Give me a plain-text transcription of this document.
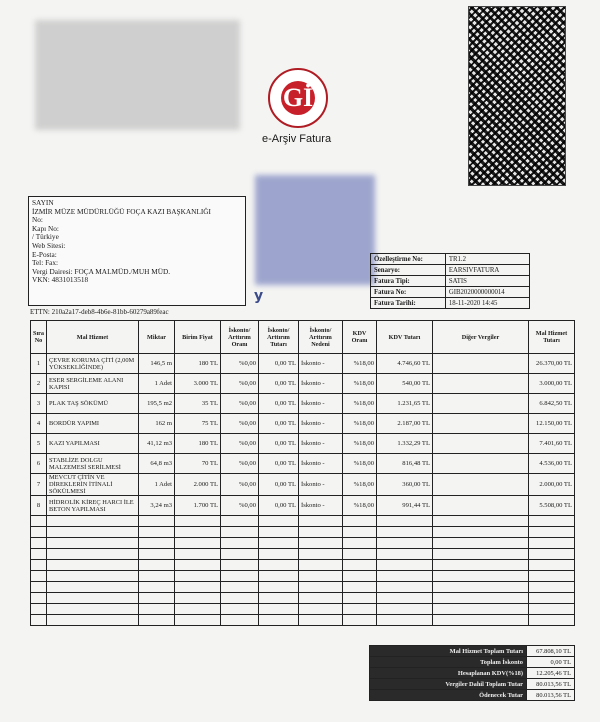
Gİ
e-Arşiv Fatura
y
SAYIN
İZMİR MÜZE MÜDÜRLÜĞÜ FOÇA KAZI BAŞKANLIĞI
No:
Kapı No:
/ Türkiye
Web Sitesi:
E-Posta:
Tel: Fax:
Vergi Dairesi: FOÇA MALMÜD./MUH MÜD.
VKN: 4831013518
Özelleştirme No:	TR1.2
Senaryo:	EARSIVFATURA
Fatura Tipi:	SATIS
Fatura No:	GIB2020000000014
Fatura Tarihi:	18-11-2020 14:45
ETTN: 210a2a17-deb8-4b6e-81bb-60279a89feac
Sıra No	Mal Hizmet	Miktar	Birim Fiyat	İskonto/ Arttırım Oranı	İskonto/ Arttırım Tutarı	İskonto/ Arttırım Nedeni	KDV Oranı	KDV Tutarı	Diğer Vergiler	Mal Hizmet Tutarı
1	ÇEVRE KORUMA ÇİTİ (2,00M YÜKSEKLİĞİNDE)	146,5 m	180 TL	%0,00	0,00 TL	İskonto -	%18,00	4.746,60 TL		26.370,00 TL
2	ESER SERGİLEME ALANI KAPISI	1 Adet	3.000 TL	%0,00	0,00 TL	İskonto -	%18,00	540,00 TL		3.000,00 TL
3	PLAK TAŞ SÖKÜMÜ	195,5 m2	35 TL	%0,00	0,00 TL	İskonto -	%18,00	1.231,65 TL		6.842,50 TL
4	BORDÜR YAPIMI	162 m	75 TL	%0,00	0,00 TL	İskonto -	%18,00	2.187,00 TL		12.150,00 TL
5	KAZI YAPILMASI	41,12 m3	180 TL	%0,00	0,00 TL	İskonto -	%18,00	1.332,29 TL		7.401,60 TL
6	STABLİZE DOLGU MALZEMESİ SERİLMESİ	64,8 m3	70 TL	%0,00	0,00 TL	İskonto -	%18,00	816,48 TL		4.536,00 TL
7	MEVCUT ÇİTİN VE DİREKLERİN İTİNALİ SÖKÜLMESİ	1 Adet	2.000 TL	%0,00	0,00 TL	İskonto -	%18,00	360,00 TL		2.000,00 TL
8	HİDROLİK KİREÇ HARCI İLE BETON YAPILMASI	3,24 m3	1.700 TL	%0,00	0,00 TL	İskonto -	%18,00	991,44 TL		5.508,00 TL

Mal Hizmet Toplam Tutarı	67.808,10 TL
Toplam İskonto	0,00 TL
Hesaplanan KDV(%18)	12.205,46 TL
Vergiler Dahil Toplam Tutar	80.013,56 TL
Ödenecek Tutar	80.013,56 TL
